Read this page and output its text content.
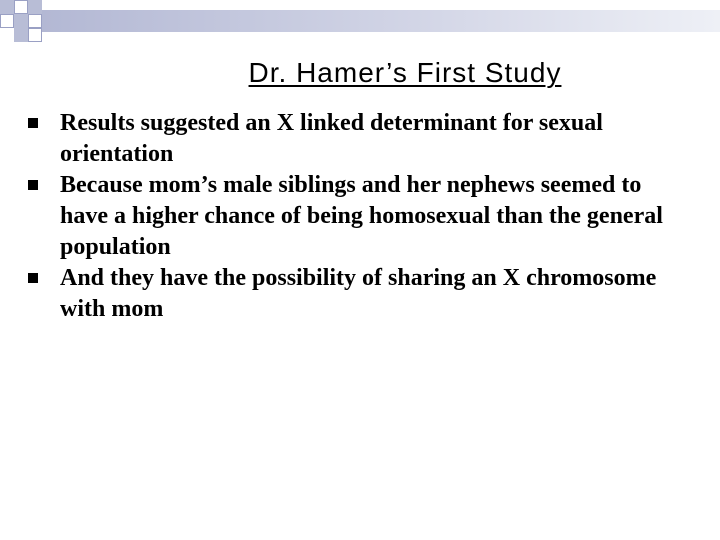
Dr. Hamer’s First Study
Results suggested an X linked determinant for sexual orientation
Because mom’s male siblings and her nephews seemed to have a higher chance of being homosexual than the general population
And they have the possibility of sharing an X chromosome with mom
